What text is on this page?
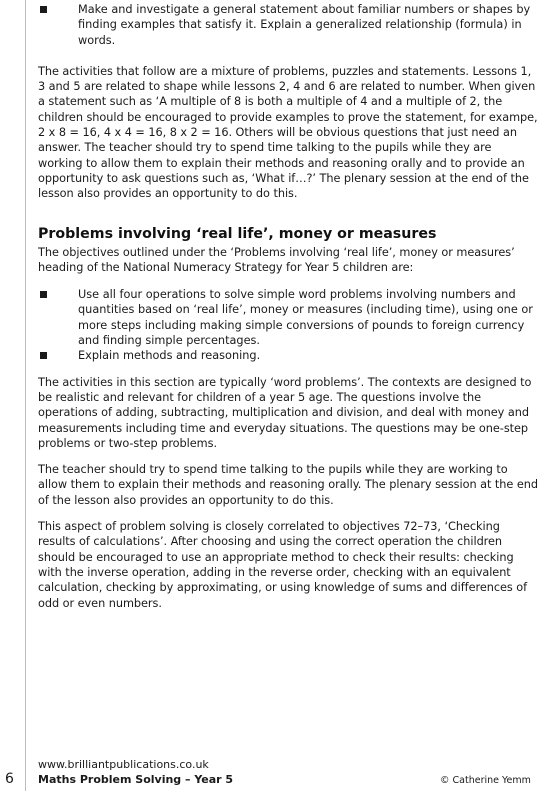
Make and investigate a general statement about familiar numbers or shapes by finding examples that satisfy it. Explain a generalized relationship (formula) in words.

The activities that follow are a mixture of problems, puzzles and statements. Lessons 1, 3 and 5 are related to shape while lessons 2, 4 and 6 are related to number. When given a statement such as ‘A multiple of 8 is both a multiple of 4 and a multiple of 2, the children should be encouraged to provide examples to prove the statement, for exampe, 2 x 8 = 16, 4 x 4 = 16, 8 x 2 = 16. Others will be obvious questions that just need an answer. The teacher should try to spend time talking to the pupils while they are working to allow them to explain their methods and reasoning orally and to provide an opportunity to ask questions such as, ‘What if…?’ The plenary session at the end of the lesson also provides an opportunity to do this.

Problems involving ‘real life’, money or measures

The objectives outlined under the ‘Problems involving ‘real life’, money or measures’ heading of the National Numeracy Strategy for Year 5 children are:

Use all four operations to solve simple word problems involving numbers and quantities based on ‘real life’, money or measures (including time), using one or more steps including making simple conversions of pounds to foreign currency and finding simple percentages.
Explain methods and reasoning.

The activities in this section are typically ‘word problems’. The contexts are designed to be realistic and relevant for children of a year 5 age. The questions involve the operations of adding, subtracting, multiplication and division, and deal with money and measurements including time and everyday situations. The questions may be one-step problems or two-step problems.

The teacher should try to spend time talking to the pupils while they are working to allow them to explain their methods and reasoning orally. The plenary session at the end of the lesson also provides an opportunity to do this.

This aspect of problem solving is closely correlated to objectives 72–73, ‘Checking results of calculations’. After choosing and using the correct operation the children should be encouraged to use an appropriate method to check their results: checking with the inverse operation, adding in the reverse order, checking with an equivalent calculation, checking by approximating, or using knowledge of sums and differences of odd or even numbers.

6
www.brilliantpublications.co.uk
Maths Problem Solving – Year 5	© Catherine Yemm
